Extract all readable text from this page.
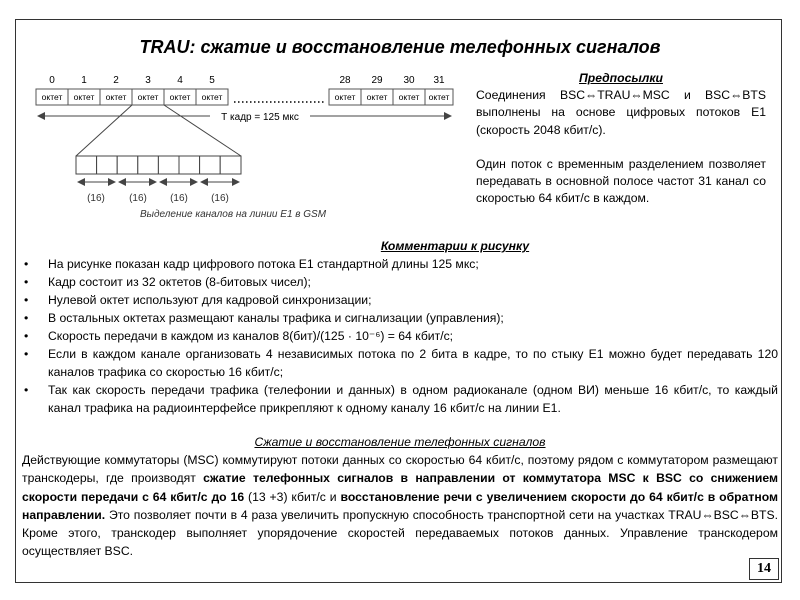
TRAU: сжатие и восстановление телефонных сигналов
0	1	2	3	4	5	28 29 30 31
октет октет октет октет октет октет	октет октет октет октет
Т кадр = 125 мкс
(16) (16) (16) (16)
Выделение каналов на линии Е1 в GSM
Предпосылки

Соединения BSC⇔TRAU⇔MSC и BSC⇔BTS выполнены на основе цифровых потоков Е1 (скорость 2048 кбит/с).

Один поток с временным разделением позволяет передавать в основной полосе частот 31 канал со скоростью 64 кбит/с в каждом.

Комментарии к рисунку
• На рисунке показан кадр цифрового потока Е1 стандартной длины 125 мкс;
• Кадр состоит из 32 октетов (8-битовых чисел);
• Нулевой октет используют для кадровой синхронизации;
• В остальных октетах размещают каналы трафика и сигнализации (управления);
• Скорость передачи в каждом из каналов 8(бит)/(125 · 10⁻⁶) = 64 кбит/с;
• Если в каждом канале организовать 4 независимых потока по 2 бита в кадре, то по стыку Е1 можно будет передавать 120 каналов трафика со скоростью 16 кбит/с;
• Так как скорость передачи трафика (телефонии и данных) в одном радиоканале (одном ВИ) меньше 16 кбит/с, то каждый канал трафика на радиоинтерфейсе прикрепляют к одному каналу 16 кбит/с на линии Е1.
Сжатие и восстановление телефонных сигналов

Действующие коммутаторы (MSC) коммутируют потоки данных со скоростью 64 кбит/с, поэтому рядом с коммутатором размещают транскодеры, где производят сжатие телефонных сигналов в направлении от коммутатора MSC к BSC со снижением скорости передачи с 64 кбит/с до 16 (13 +3) кбит/с и восстановление речи с увеличением скорости до 64 кбит/с в обратном направлении. Это позволяет почти в 4 раза увеличить пропускную способность транспортной сети на участках TRAU⇔BSC⇔BTS. Кроме этого, транскодер выполняет упорядочение скоростей передаваемых потоков данных. Управление транскодером осуществляет BSC.

14
